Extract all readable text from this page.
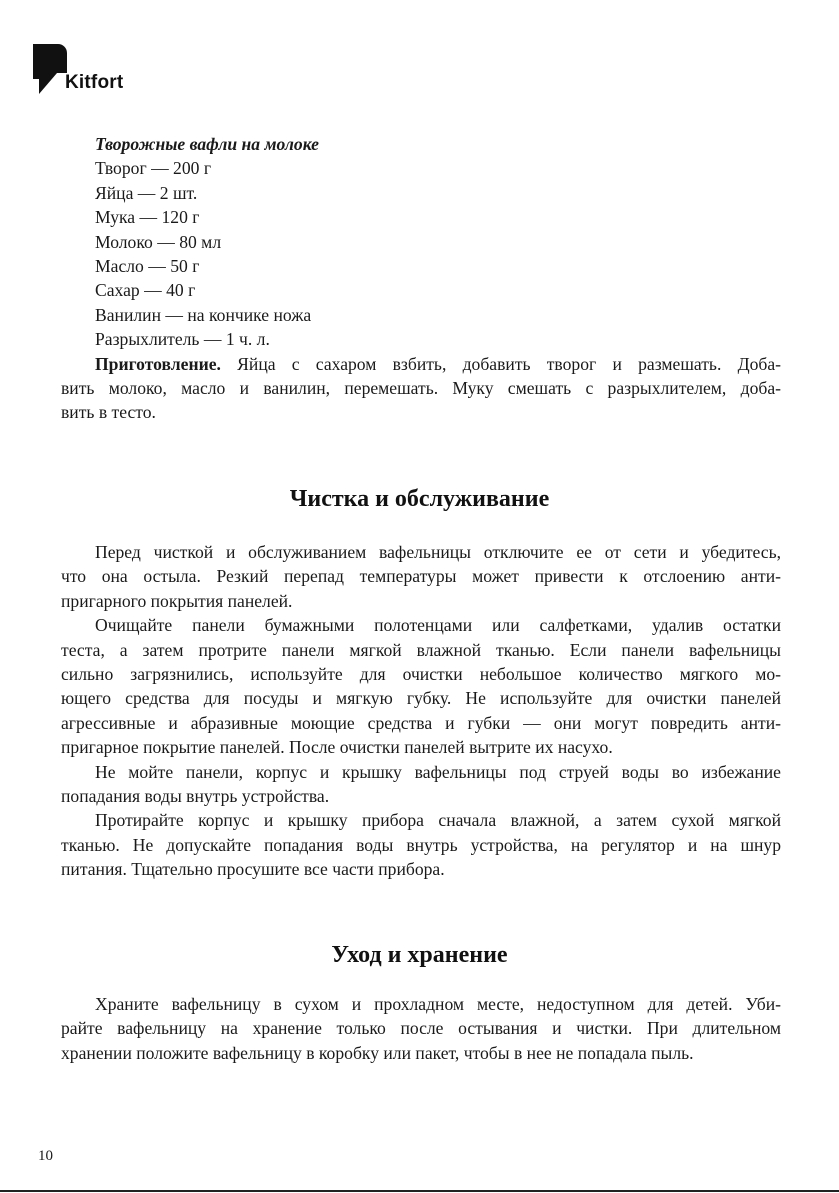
Kitfort
Творожные вафли на молоке
Творог — 200 г
Яйца — 2 шт.
Мука — 120 г
Молоко — 80 мл
Масло — 50 г
Сахар — 40 г
Ванилин — на кончике ножа
Разрыхлитель — 1 ч. л.
Приготовление. Яйца с сахаром взбить, добавить творог и размешать. Доба-
вить молоко, масло и ванилин, перемешать. Муку смешать с разрыхлителем, доба-
вить в тесто.
Чистка и обслуживание
Перед чисткой и обслуживанием вафельницы отключите ее от сети и убедитесь,
что она остыла. Резкий перепад температуры может привести к отслоению анти-
пригарного покрытия панелей.
Очищайте панели бумажными полотенцами или салфетками, удалив остатки
теста, а затем протрите панели мягкой влажной тканью. Если панели вафельницы
сильно загрязнились, используйте для очистки небольшое количество мягкого мо-
ющего средства для посуды и мягкую губку. Не используйте для очистки панелей
агрессивные и абразивные моющие средства и губки — они могут повредить анти-
пригарное покрытие панелей. После очистки панелей вытрите их насухо.
Не мойте панели, корпус и крышку вафельницы под струей воды во избежание
попадания воды внутрь устройства.
Протирайте корпус и крышку прибора сначала влажной, а затем сухой мягкой
тканью. Не допускайте попадания воды внутрь устройства, на регулятор и на шнур
питания. Тщательно просушите все части прибора.
Уход и хранение
Храните вафельницу в сухом и прохладном месте, недоступном для детей. Уби-
райте вафельницу на хранение только после остывания и чистки. При длительном
хранении положите вафельницу в коробку или пакет, чтобы в нее не попадала пыль.
10
